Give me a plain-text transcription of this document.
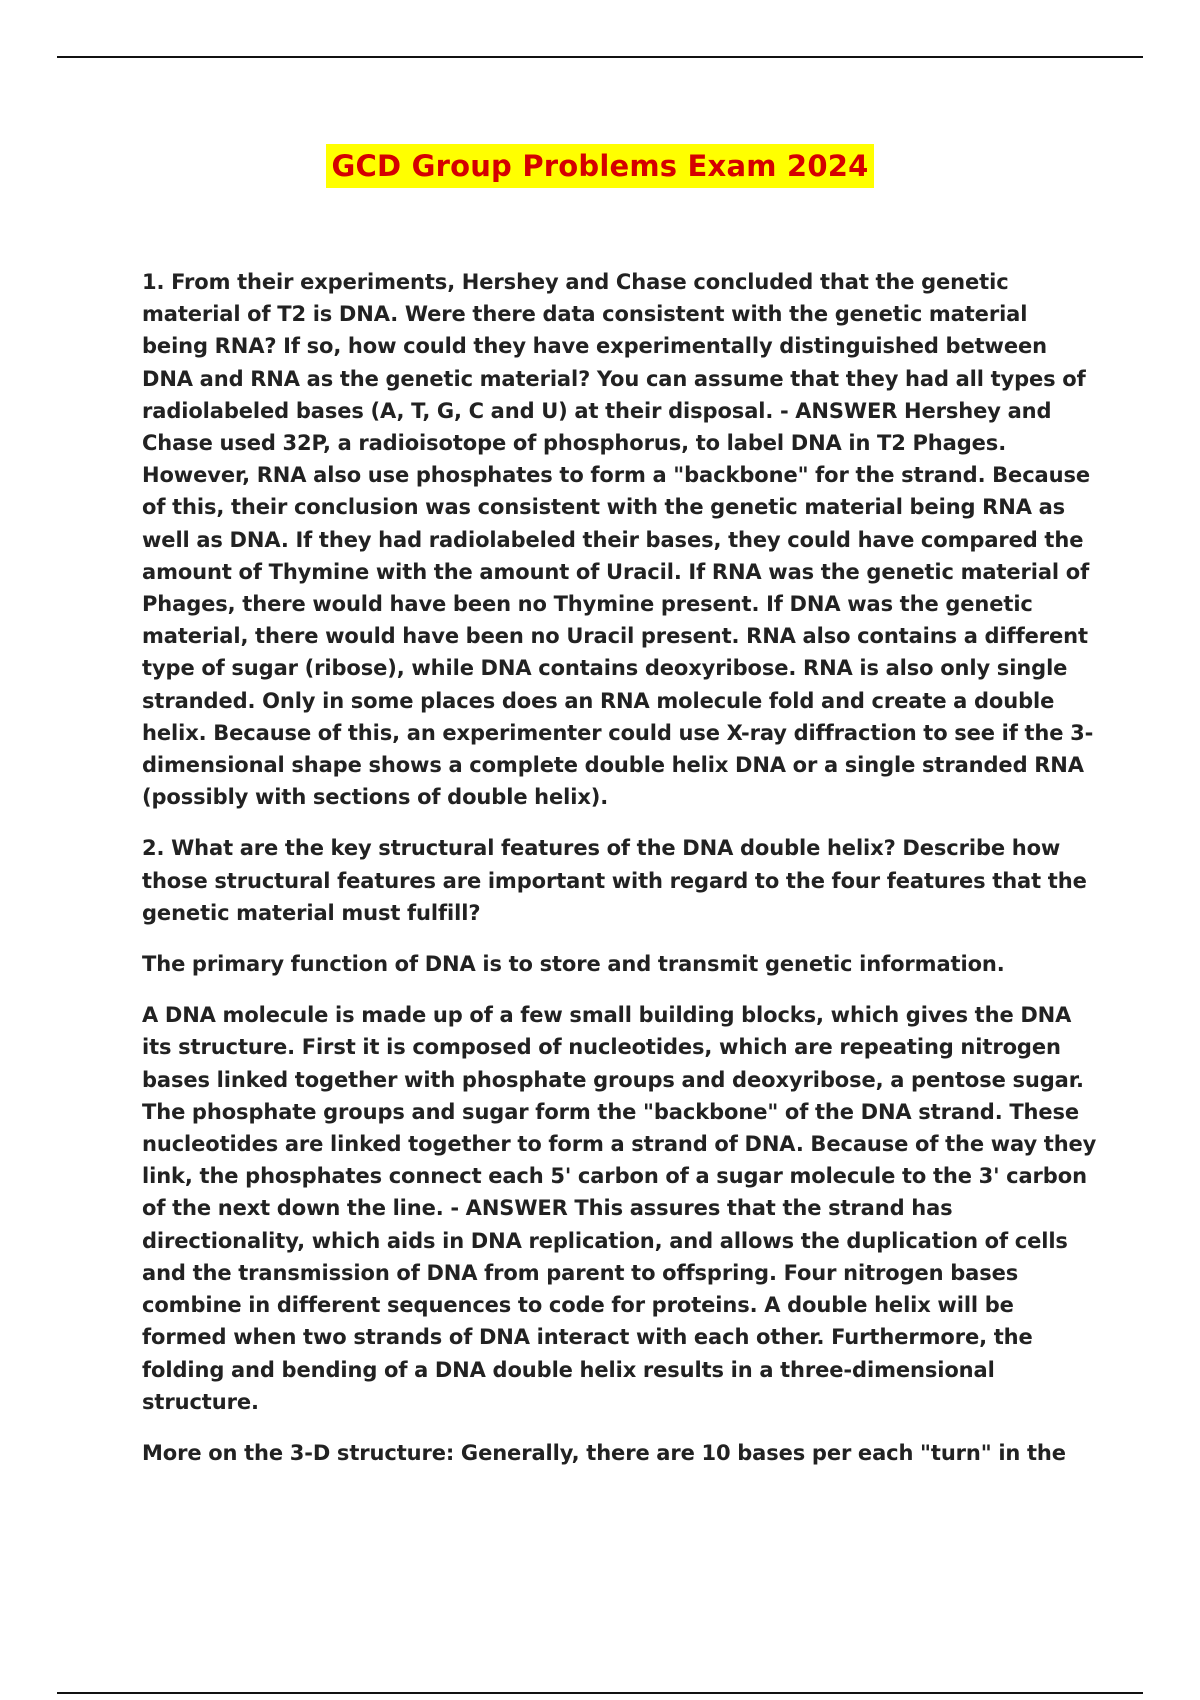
GCD Group Problems Exam 2024

1. From their experiments, Hershey and Chase concluded that the genetic material of T2 is DNA. Were there data consistent with the genetic material being RNA? If so, how could they have experimentally distinguished between DNA and RNA as the genetic material? You can assume that they had all types of radiolabeled bases (A, T, G, C and U) at their disposal. - ANSWER Hershey and Chase used 32P, a radioisotope of phosphorus, to label DNA in T2 Phages. However, RNA also use phosphates to form a "backbone" for the strand. Because of this, their conclusion was consistent with the genetic material being RNA as well as DNA. If they had radiolabeled their bases, they could have compared the amount of Thymine with the amount of Uracil. If RNA was the genetic material of Phages, there would have been no Thymine present. If DNA was the genetic material, there would have been no Uracil present. RNA also contains a different type of sugar (ribose), while DNA contains deoxyribose. RNA is also only single stranded. Only in some places does an RNA molecule fold and create a double helix. Because of this, an experimenter could use X-ray diffraction to see if the 3-dimensional shape shows a complete double helix DNA or a single stranded RNA (possibly with sections of double helix).

2. What are the key structural features of the DNA double helix? Describe how those structural features are important with regard to the four features that the genetic material must fulfill?

The primary function of DNA is to store and transmit genetic information.

A DNA molecule is made up of a few small building blocks, which gives the DNA its structure. First it is composed of nucleotides, which are repeating nitrogen bases linked together with phosphate groups and deoxyribose, a pentose sugar. The phosphate groups and sugar form the "backbone" of the DNA strand. These nucleotides are linked together to form a strand of DNA. Because of the way they link, the phosphates connect each 5' carbon of a sugar molecule to the 3' carbon of the next down the line. - ANSWER This assures that the strand has directionality, which aids in DNA replication, and allows the duplication of cells and the transmission of DNA from parent to offspring. Four nitrogen bases combine in different sequences to code for proteins. A double helix will be formed when two strands of DNA interact with each other. Furthermore, the folding and bending of a DNA double helix results in a three-dimensional structure.

More on the 3-D structure: Generally, there are 10 bases per each "turn" in the
